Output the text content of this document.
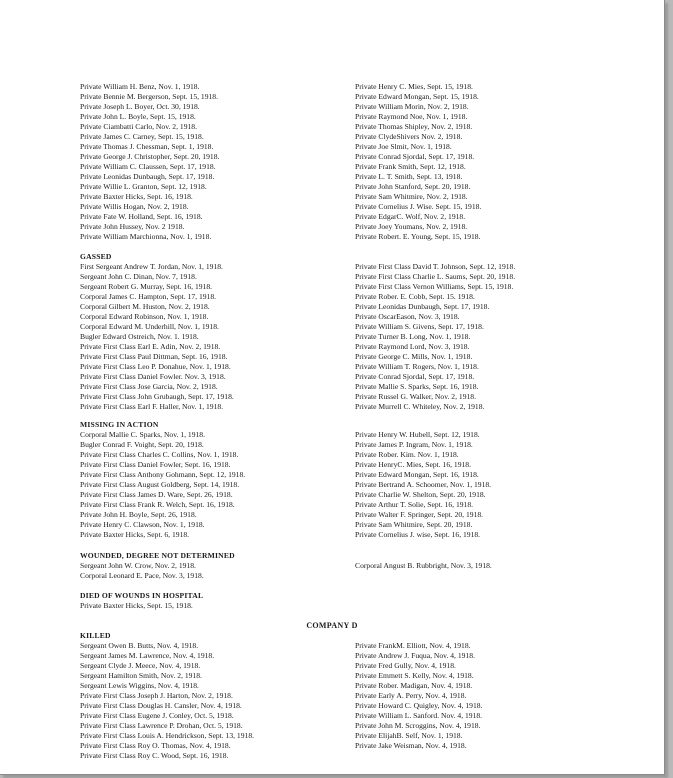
Private William H. Benz, Nov. 1, 1918.
Private Bennie M. Bergerson, Sept. 15, 1918.
Private Joseph L. Boyer, Oct. 30, 1918.
Private John L. Boyle, Sept. 15, 1918.
Private Ciambatti Carlo, Nov. 2, 1918.
Private James C. Carney, Sept. 15, 1918.
Private Thomas J. Chessman, Sept. 1, 1918.
Private George J. Christopher, Sept. 20, 1918.
Private William C. Claussen, Sept. 17, 1918.
Private Leonidas Dunbaugh, Sept. 17, 1918.
Private Willie L. Granton, Sept. 12, 1918.
Private Baxter Hicks, Sept. 16, 1918.
Private Willis Hogan, Nov. 2, 1918.
Private Fate W. Holland, Sept. 16, 1918.
Private John Hussey, Nov. 2 1918.
Private William Marchionna, Nov. 1, 1918.
Private Henry C. Mies, Sept. 15, 1918.
Private Edward Mongan, Sept. 15, 1918.
Private William Morin, Nov. 2, 1918.
Private Raymond Noe, Nov. 1, 1918.
Private Thomas Shipley, Nov. 2, 1918.
Private ClydeShivers Nov. 2, 1918.
Private Joe Slmit, Nov. 1, 1918.
Private Conrad Sjordal, Sept. 17, 1918.
Private Frank Smith, Sept. 12, 1918.
Private L. T. Smith, Sept. 13, 1918.
Private John Stanford, Sept. 20, 1918.
Private Sam Whitmire, Nov. 2, 1918.
Private Cornelius J. Wise. Sept. 15, 1918.
Private EdgarC. Wolf, Nov. 2, 1918.
Private Joey Youmans, Nov. 2, 1918.
Private Robert. E. Young, Sept. 15, 1918.
GASSED
First Sergeant Andrew T. Jordan, Nov. 1, 1918.
Sergeant John C. Dinan, Nov. 7, 1918.
Sergeant Robert G. Murray, Sept. 16, 1918.
Corporal James C. Hampton, Sept. 17, 1918.
Corporal Gilbert M. Huston, Nov. 2, 1918.
Corporal Edward Robinson, Nov. 1, 1918.
Corporal Edward M. Underhill, Nov. 1, 1918.
Bugler Edward Ostreich, Nov. 1. 1918.
Private First Class Earl E. Adin, Nov. 2, 1918.
Private First Class Paul Dittman, Sept. 16, 1918.
Private First Class Leo P. Donahue, Nov. 1, 1918.
Private First Class Daniel Fowler. Nov. 3, 1918.
Private First Class Jose Garcia, Nov. 2, 1918.
Private First Class John Grubaugh, Sept. 17, 1918.
Private First Class Earl F. Haller, Nov. 1, 1918.
Private First Class David T. Johnson, Sept. 12, 1918.
Private First Class Charlie L. Saums, Sept. 20, 1918.
Private First Class Vernon Williams, Sept. 15, 1918.
Private Rober. E. Cobb, Sept. 15. 1918.
Private Leonidas Dunbaugh, Sept. 17, 1918.
Private OscarEason, Nov. 3, 1918.
Private William S. Givens, Sept. 17, 1918.
Private Turner B. Long, Nov. 1, 1918.
Private Raymond Lord, Nov. 3, 1918.
Private George C. Mills, Nov. 1, 1918.
Private William T. Rogers, Nov. 1, 1918.
Private Conrad Sjordal, Sept. 17, 1918.
Private Mallie S. Sparks, Sept. 16, 1918.
Private Russel G. Walker, Nov. 2, 1918.
Private Murrell C. Whiteley, Nov. 2, 1918.
MISSING IN ACTION
Corporal Mallie C. Sparks, Nov. 1, 1918.
Bugler Conrad F. Voight, Sept. 20, 1918.
Private First Class Charles C. Collins, Nov. 1, 1918.
Private First Class Daniel Fowler, Sept. 16, 1918.
Private First Class Anthony Gohmann, Sept. 12, 1918.
Private First Class August Goldberg, Sept. 14, 1918.
Private First Class James D. Ware, Sept. 26, 1918.
Private First Class Frank R. Welch, Sept. 16, 1918.
Private John H. Boyle, Sept. 26, 1918.
Private Henry C. Clawson, Nov. 1, 1918.
Private Baxter Hicks, Sept. 6, 1918.
Private Henry W. Hubell, Sept. 12, 1918.
Private James P. Ingram, Nov. 1, 1918.
Private Rober. Kim. Nov. 1, 1918.
Private HenryC. Mies, Sept. 16, 1918.
Private Edward Mongan, Sept. 16, 1918.
Private Bertrand A. Schoomer, Nov. 1, 1918.
Private Charlie W. Shelton, Sept. 20, 1918.
Private Arthur T. Solie, Sept. 16, 1918.
Private Walter F. Springer, Sept. 20, 1918.
Private Sam Whitmire, Sept. 20, 1918.
Private Cornelius J. wise, Sept. 16, 1918.
WOUNDED, DEGREE NOT DETERMINED
Sergeant John W. Crow, Nov. 2, 1918.
Corporal Leonard E. Pace, Nov. 3, 1918.
Corporal Angust B. Rubbright, Nov. 3, 1918.
DIED OF WOUNDS IN HOSPITAL
Private Baxter Hicks, Sept. 15, 1918.
COMPANY D
KILLED
Sergeant Owen B. Butts, Nov. 4, 1918.
Sergeant James M. Lawrence, Nov. 4, 1918.
Sergeant Clyde J. Meece, Nov. 4, 1918.
Sergeant Hamilton Smith, Nov. 2, 1918.
Sergeant Lewis Wiggins, Nov. 4, 1918.
Private First Class Joseph J. Harton, Nov. 2, 1918.
Private First Class Douglas H. Cansler, Nov. 4, 1918.
Private First Class Eugene J. Conley, Oct. 5, 1918.
Private First Class Lawrence P. Drohan, Oct. 5, 1918.
Private First Class Louis A. Hendrickson, Sept. 13, 1918.
Private First Class Roy O. Thomas, Nov. 4, 1918.
Private First Class Roy C. Wood, Sept. 16, 1918.
Private FrankM. Elliott, Nov. 4, 1918.
Private Andrew J. Fuqua, Nov. 4, 1918.
Private Fred Gully, Nov. 4, 1918.
Private Emmett S. Kelly, Nov. 4, 1918.
Private Rober. Madigan, Nov. 4, 1918.
Private Early A. Perry, Nov. 4, 1918.
Private Howard C. Quigley, Nov. 4, 1918.
Private William L. Sanford. Nov. 4, 1918.
Private John M. Scroggins, Nov. 4, 1918.
Private ElijahB. Self, Nov. 1, 1918.
Private Jake Weisman, Nov. 4, 1918.
